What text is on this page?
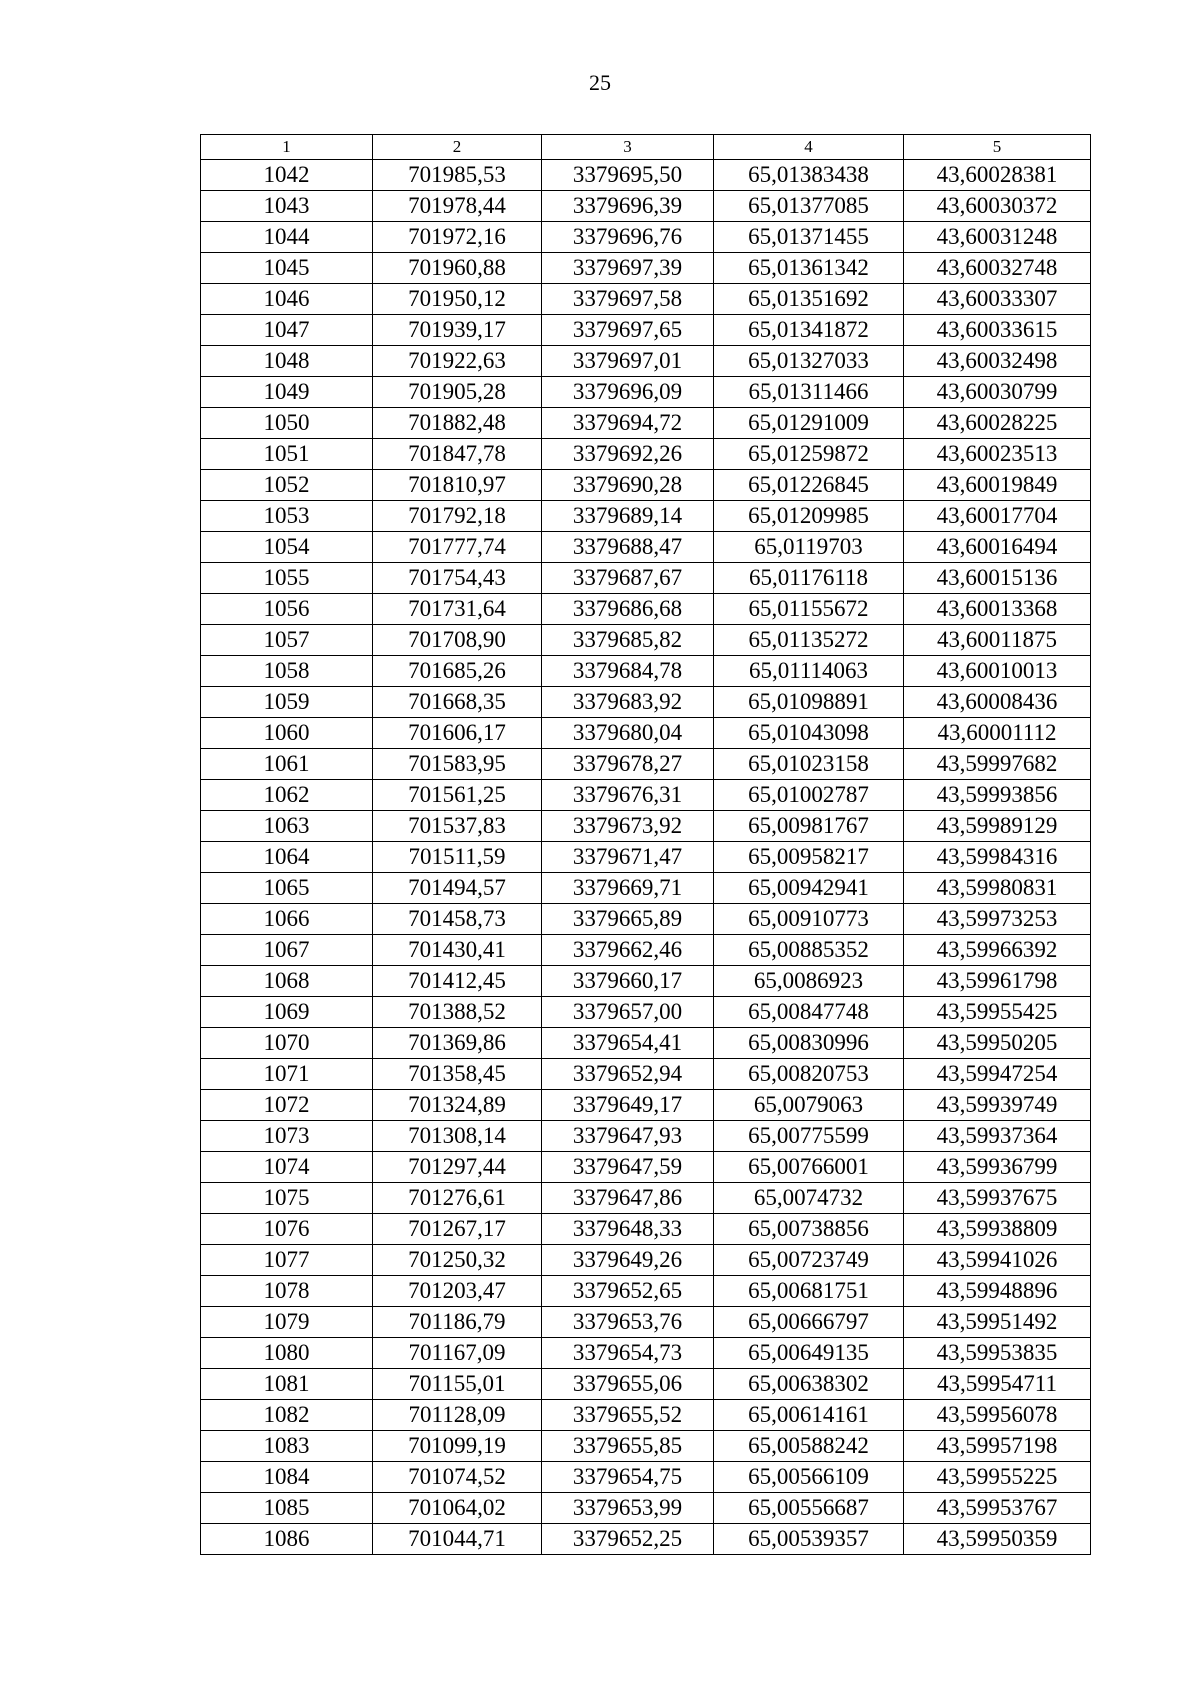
25
1	2	3	4	5
1042	701985,53	3379695,50	65,01383438	43,60028381
1043	701978,44	3379696,39	65,01377085	43,60030372
1044	701972,16	3379696,76	65,01371455	43,60031248
1045	701960,88	3379697,39	65,01361342	43,60032748
1046	701950,12	3379697,58	65,01351692	43,60033307
1047	701939,17	3379697,65	65,01341872	43,60033615
1048	701922,63	3379697,01	65,01327033	43,60032498
1049	701905,28	3379696,09	65,01311466	43,60030799
1050	701882,48	3379694,72	65,01291009	43,60028225
1051	701847,78	3379692,26	65,01259872	43,60023513
1052	701810,97	3379690,28	65,01226845	43,60019849
1053	701792,18	3379689,14	65,01209985	43,60017704
1054	701777,74	3379688,47	65,0119703	43,60016494
1055	701754,43	3379687,67	65,01176118	43,60015136
1056	701731,64	3379686,68	65,01155672	43,60013368
1057	701708,90	3379685,82	65,01135272	43,60011875
1058	701685,26	3379684,78	65,01114063	43,60010013
1059	701668,35	3379683,92	65,01098891	43,60008436
1060	701606,17	3379680,04	65,01043098	43,60001112
1061	701583,95	3379678,27	65,01023158	43,59997682
1062	701561,25	3379676,31	65,01002787	43,59993856
1063	701537,83	3379673,92	65,00981767	43,59989129
1064	701511,59	3379671,47	65,00958217	43,59984316
1065	701494,57	3379669,71	65,00942941	43,59980831
1066	701458,73	3379665,89	65,00910773	43,59973253
1067	701430,41	3379662,46	65,00885352	43,59966392
1068	701412,45	3379660,17	65,0086923	43,59961798
1069	701388,52	3379657,00	65,00847748	43,59955425
1070	701369,86	3379654,41	65,00830996	43,59950205
1071	701358,45	3379652,94	65,00820753	43,59947254
1072	701324,89	3379649,17	65,0079063	43,59939749
1073	701308,14	3379647,93	65,00775599	43,59937364
1074	701297,44	3379647,59	65,00766001	43,59936799
1075	701276,61	3379647,86	65,0074732	43,59937675
1076	701267,17	3379648,33	65,00738856	43,59938809
1077	701250,32	3379649,26	65,00723749	43,59941026
1078	701203,47	3379652,65	65,00681751	43,59948896
1079	701186,79	3379653,76	65,00666797	43,59951492
1080	701167,09	3379654,73	65,00649135	43,59953835
1081	701155,01	3379655,06	65,00638302	43,59954711
1082	701128,09	3379655,52	65,00614161	43,59956078
1083	701099,19	3379655,85	65,00588242	43,59957198
1084	701074,52	3379654,75	65,00566109	43,59955225
1085	701064,02	3379653,99	65,00556687	43,59953767
1086	701044,71	3379652,25	65,00539357	43,59950359
